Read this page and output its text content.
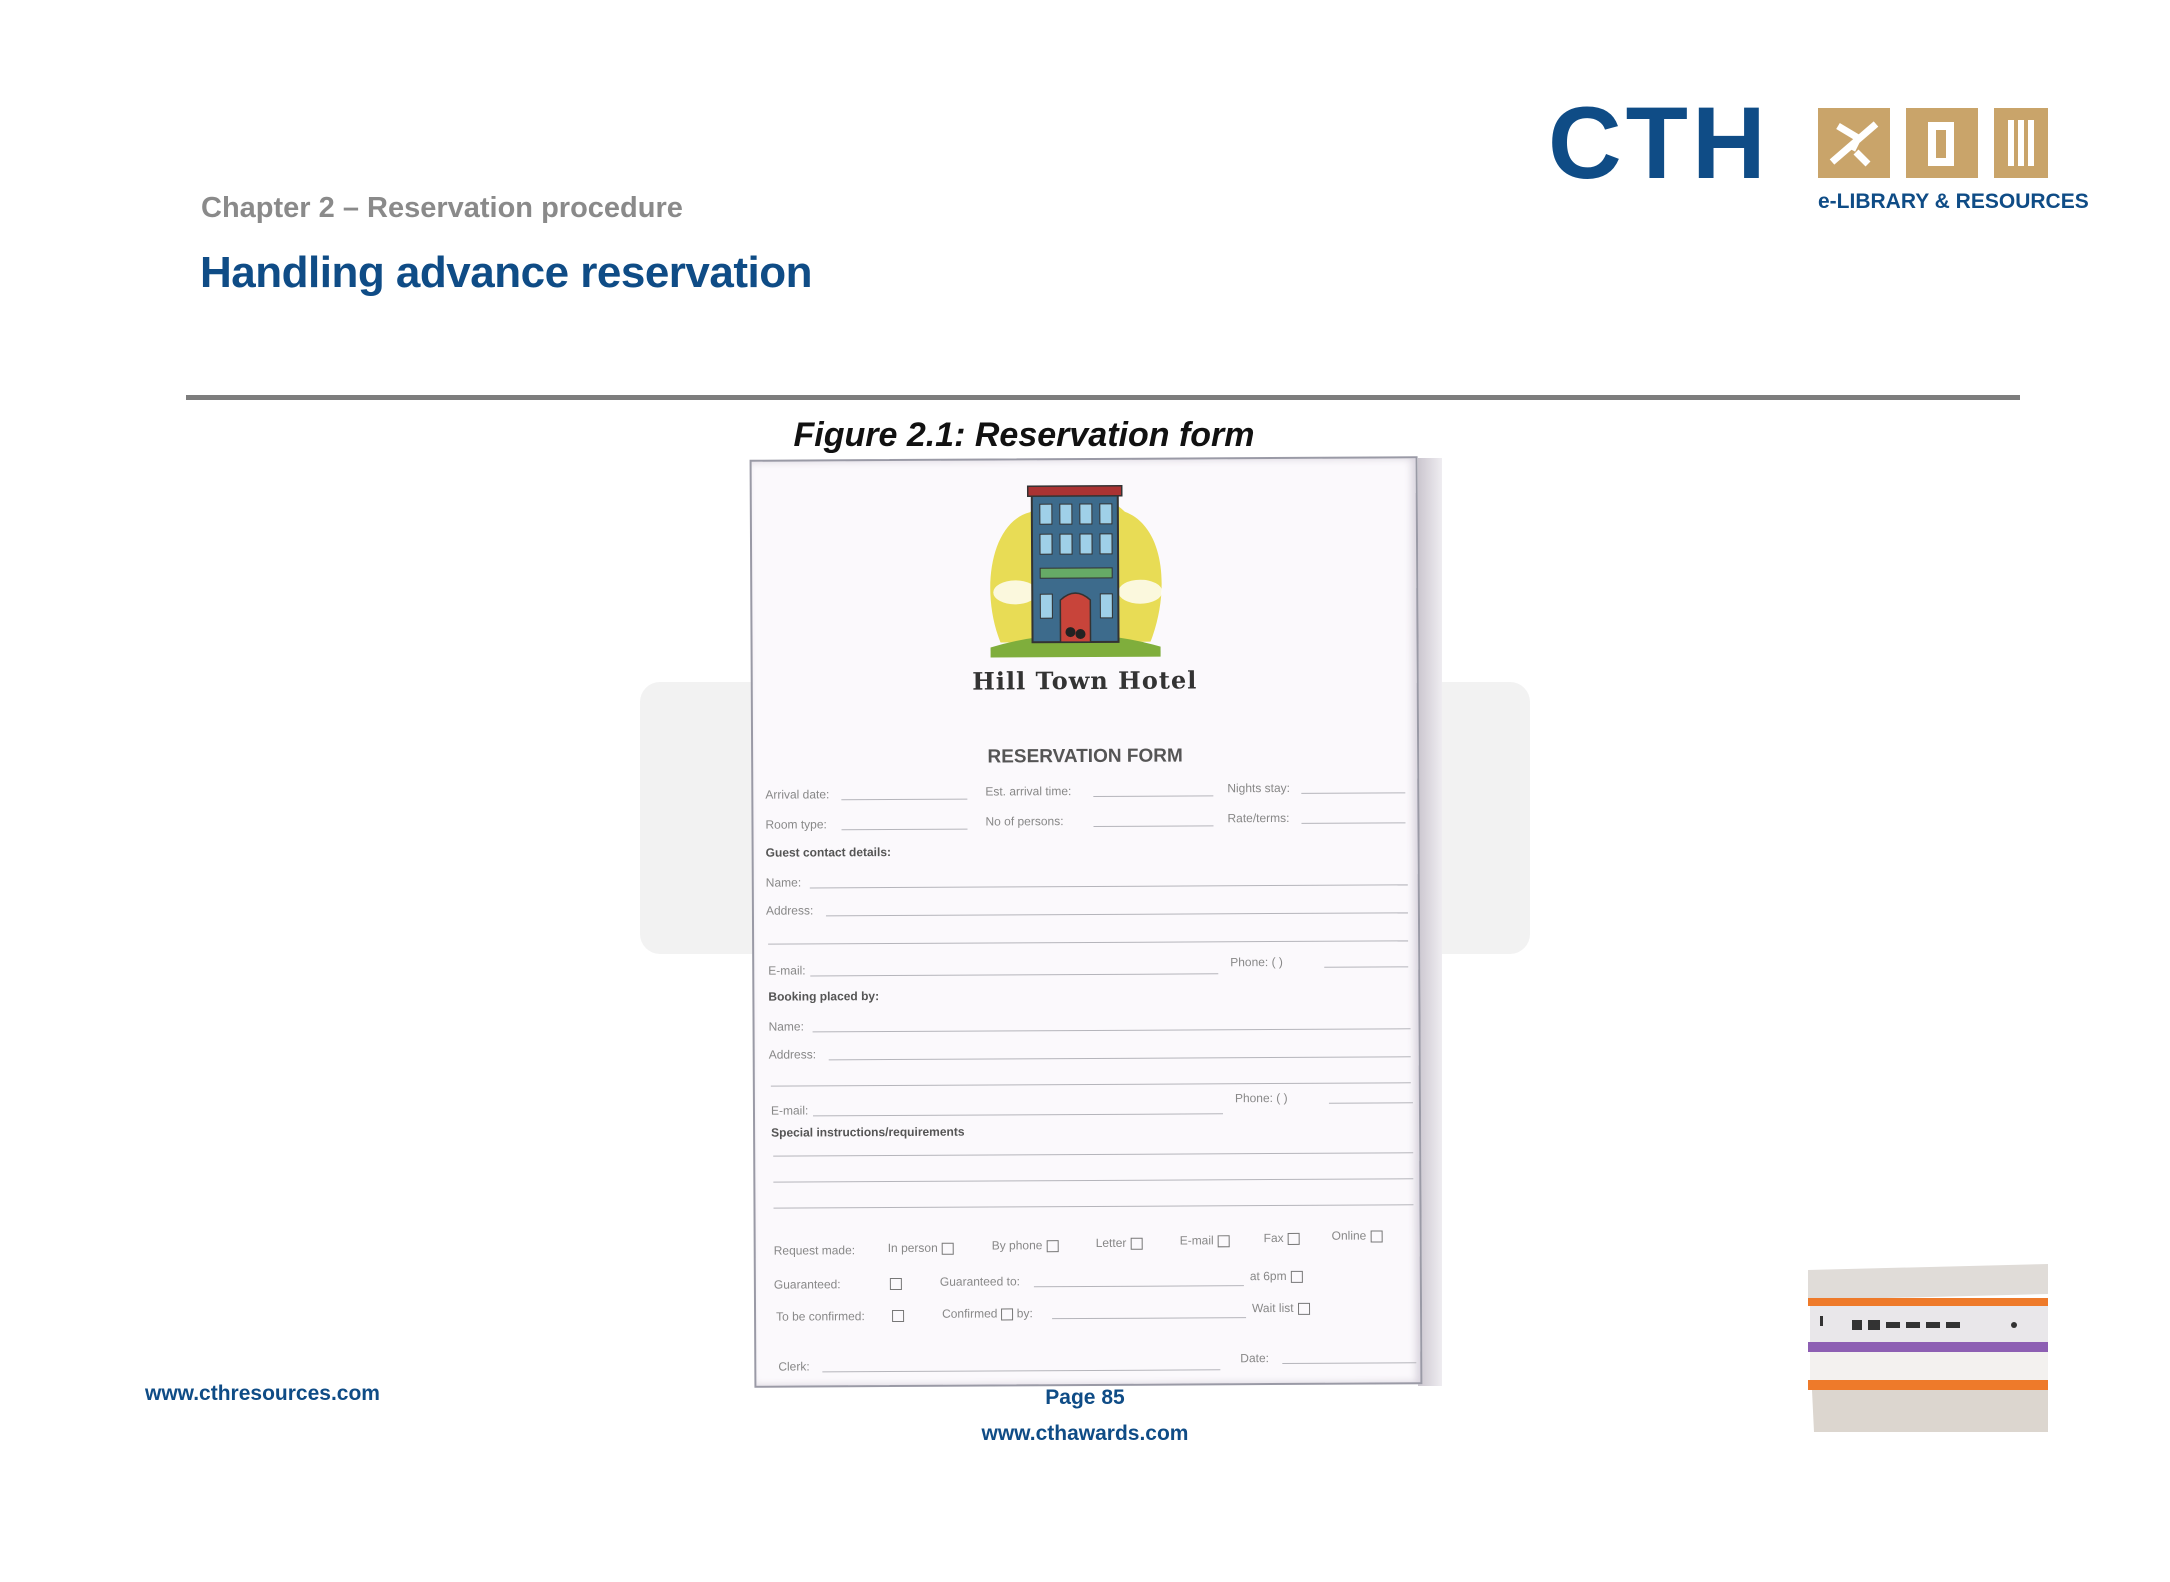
Chapter 2 – Reservation procedure
Handling advance reservation
CTH
e-LIBRARY & RESOURCES
Figure 2.1: Reservation form
Hill Town Hotel
RESERVATION FORM
Arrival date:	Est. arrival time:	Nights stay:
Room type:	No of persons:	Rate/terms:
Guest contact details:
Name:
Address:
E-mail:
Phone: ( )
Booking placed by:
Name:
Address:
E-mail:
Phone: ( )
Special instructions/requirements
Request made:	In person	By phone	Letter	E-mail	Fax	Online
Guaranteed:	Guaranteed to:	at 6pm
To be confirmed:	Confirmed by:	Wait list
Clerk:
Date:
www.cthresources.com	Page 85
www.cthawards.com
